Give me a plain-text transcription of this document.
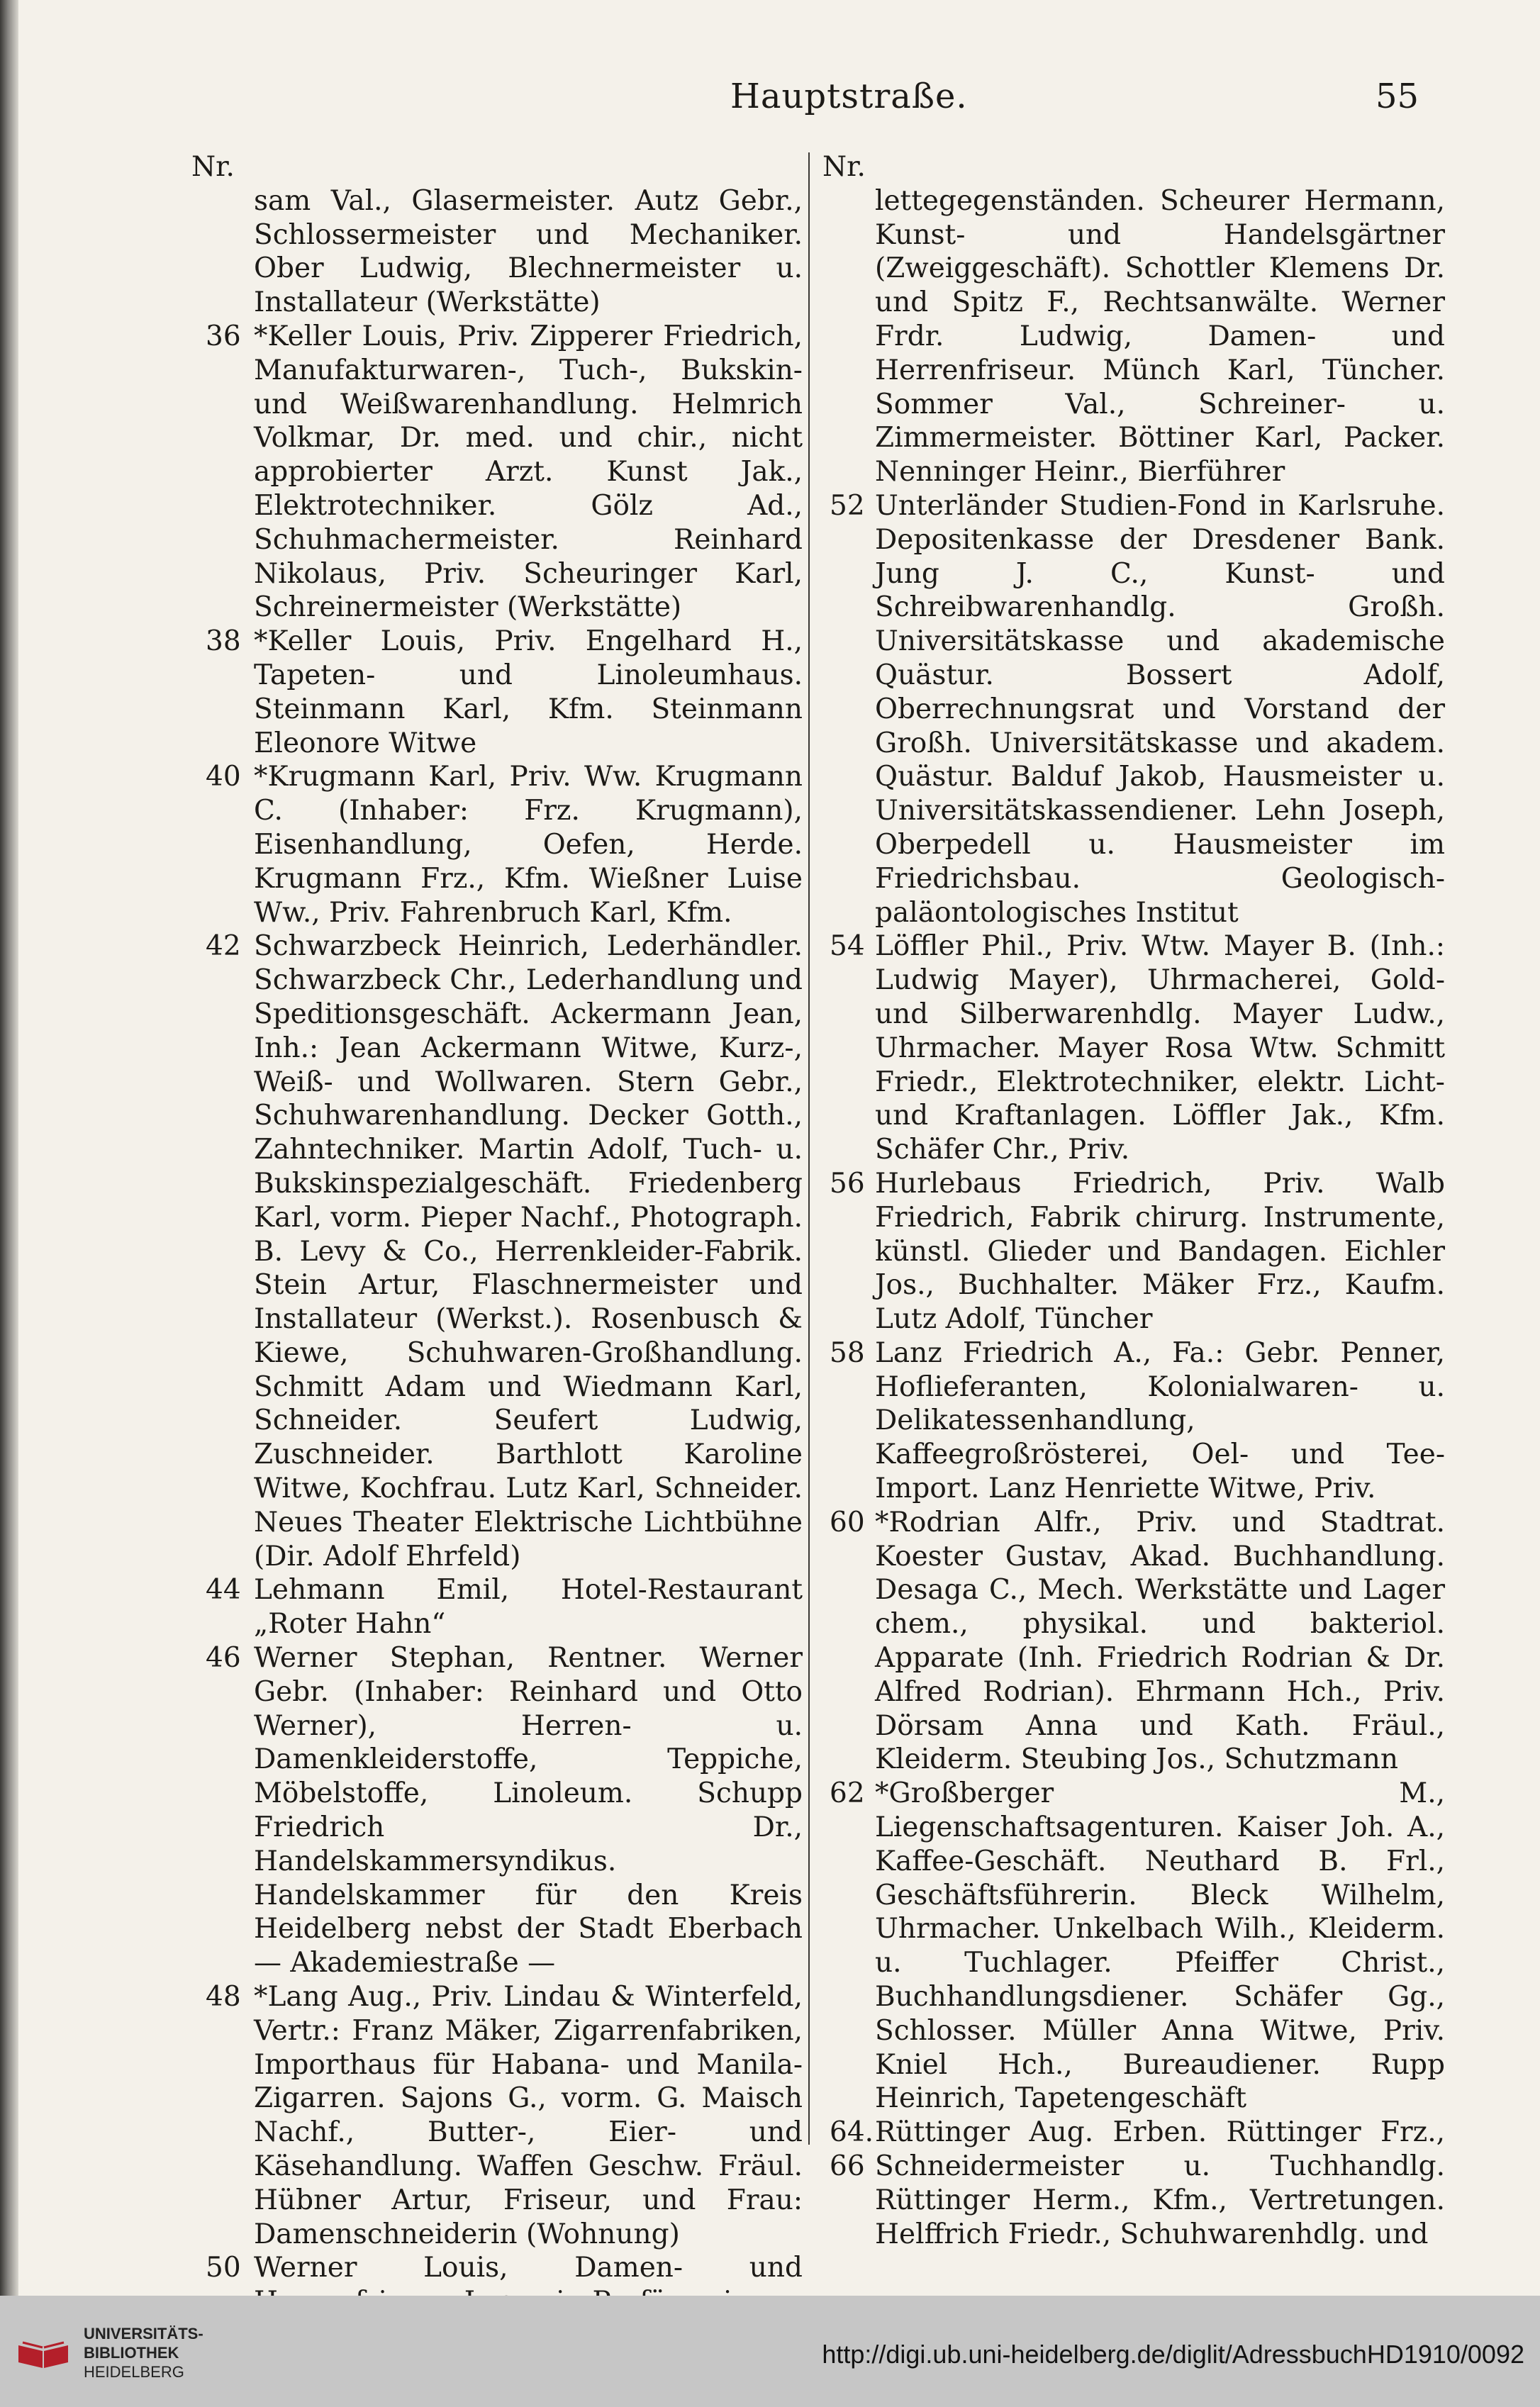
Hauptstraße.	55
Nr.
sam Val., Glasermeister. Autz Gebr., Schlossermeister und Mechaniker. Ober Ludwig, Blechnermeister u. Installateur (Werkstätte)
36 *Keller Louis, Priv. Zipperer Friedrich, Manufakturwaren-, Tuch-, Bukskin- und Weißwarenhandlung. Helmrich Volkmar, Dr. med. und chir., nicht approbierter Arzt. Kunst Jak., Elektrotechniker. Gölz Ad., Schuhmachermeister. Reinhard Nikolaus, Priv. Scheuringer Karl, Schreinermeister (Werkstätte)
38 *Keller Louis, Priv. Engelhard H., Tapeten- und Linoleumhaus. Steinmann Karl, Kfm. Steinmann Eleonore Witwe
40 *Krugmann Karl, Priv. Ww. Krugmann C. (Inhaber: Frz. Krugmann), Eisenhandlung, Oefen, Herde. Krugmann Frz., Kfm. Wießner Luise Ww., Priv. Fahrenbruch Karl, Kfm.
42 Schwarzbeck Heinrich, Lederhändler. Schwarzbeck Chr., Lederhandlung und Speditionsgeschäft. Ackermann Jean, Inh.: Jean Ackermann Witwe, Kurz-, Weiß- und Wollwaren. Stern Gebr., Schuhwarenhandlung. Decker Gotth., Zahntechniker. Martin Adolf, Tuch- u. Bukskinspezialgeschäft. Friedenberg Karl, vorm. Pieper Nachf., Photograph. B. Levy & Co., Herrenkleider-Fabrik. Stein Artur, Flaschnermeister und Installateur (Werkst.). Rosenbusch & Kiewe, Schuhwaren-Großhandlung. Schmitt Adam und Wiedmann Karl, Schneider. Seufert Ludwig, Zuschneider. Barthlott Karoline Witwe, Kochfrau. Lutz Karl, Schneider. Neues Theater Elektrische Lichtbühne (Dir. Adolf Ehrfeld)
44 Lehmann Emil, Hotel-Restaurant „Roter Hahn“
46 Werner Stephan, Rentner. Werner Gebr. (Inhaber: Reinhard und Otto Werner), Herren- u. Damenkleiderstoffe, Teppiche, Möbelstoffe, Linoleum. Schupp Friedrich Dr., Handelskammersyndikus. Handelskammer für den Kreis Heidelberg nebst der Stadt Eberbach — Akademiestraße —
48 *Lang Aug., Priv. Lindau & Winterfeld, Vertr.: Franz Mäker, Zigarrenfabriken, Importhaus für Habana- und Manila-Zigarren. Sajons G., vorm. G. Maisch Nachf., Butter-, Eier- und Käsehandlung. Waffen Geschw. Fräul. Hübner Artur, Friseur, und Frau: Damenschneiderin (Wohnung)
50 Werner Louis, Damen- und
Nr.
lettegegenständen. Scheurer Hermann, Kunst- und Handelsgärtner (Zweiggeschäft). Schottler Klemens Dr. und Spitz F., Rechtsanwälte. Werner Frdr. Ludwig, Damen- und Herrenfriseur. Münch Karl, Tüncher. Sommer Val., Schreiner- u. Zimmermeister. Böttiner Karl, Packer. Nenninger Heinr., Bierführer
52 Unterländer Studien-Fond in Karlsruhe. Depositenkasse der Dresdener Bank. Jung J. C., Kunst- und Schreibwarenhandlg. Großh. Universitätskasse und akademische Quästur. Bossert Adolf, Oberrechnungsrat und Vorstand der Großh. Universitätskasse und akadem. Quästur. Balduf Jakob, Hausmeister u. Universitätskassendiener. Lehn Joseph, Oberpedell u. Hausmeister im Friedrichsbau. Geologisch-paläontologisches Institut
54 Löffler Phil., Priv. Wtw. Mayer B. (Inh.: Ludwig Mayer), Uhrmacherei, Gold- und Silberwarenhdlg. Mayer Ludw., Uhrmacher. Mayer Rosa Wtw. Schmitt Friedr., Elektrotechniker, elektr. Licht- und Kraftanlagen. Löffler Jak., Kfm. Schäfer Chr., Priv.
56 Hurlebaus Friedrich, Priv. Walb Friedrich, Fabrik chirurg. Instrumente, künstl. Glieder und Bandagen. Eichler Jos., Buchhalter. Mäker Frz., Kaufm. Lutz Adolf, Tüncher
58 Lanz Friedrich A., Fa.: Gebr. Penner, Hoflieferanten, Kolonialwaren- u. Delikatessenhandlung, Kaffeegroßrösterei, Oel- und Tee-Import. Lanz Henriette Witwe, Priv.
60 *Rodrian Alfr., Priv. und Stadtrat. Koester Gustav, Akad. Buchhandlung. Desaga C., Mech. Werkstätte und Lager chem., physikal. und bakteriol. Apparate (Inh. Friedrich Rodrian & Dr. Alfred Rodrian). Ehrmann Hch., Priv. Dörsam Anna und Kath. Fräul., Kleiderm. Steubing Jos., Schutzmann
62 *Großberger M., Liegenschaftsagenturen. Kaiser Joh. A., Kaffee-Geschäft. Neuthard B. Frl., Geschäftsführerin. Bleck Wilhelm, Uhrmacher. Unkelbach Wilh., Kleiderm. u. Tuchlager. Pfeiffer Christ., Buchhandlungsdiener. Schäfer Gg., Schlosser. Müller Anna Witwe, Priv. Kniel Hch., Bureaudiener. Rupp Heinrich, Tapetengeschäft
64. 66
Rüttinger Aug. Erben. Rüttinger Frz., Schneidermeister u. Tuchhandlg. Rüttinger Herm., Kfm., Vertretungen. Helffrich Friedr., Schuhwarenhdlg. und
UNIVERSITÄTS-
BIBLIOTHEK
HEIDELBERG
http://digi.ub.uni-heidelberg.de/diglit/AdressbuchHD1910/0092
